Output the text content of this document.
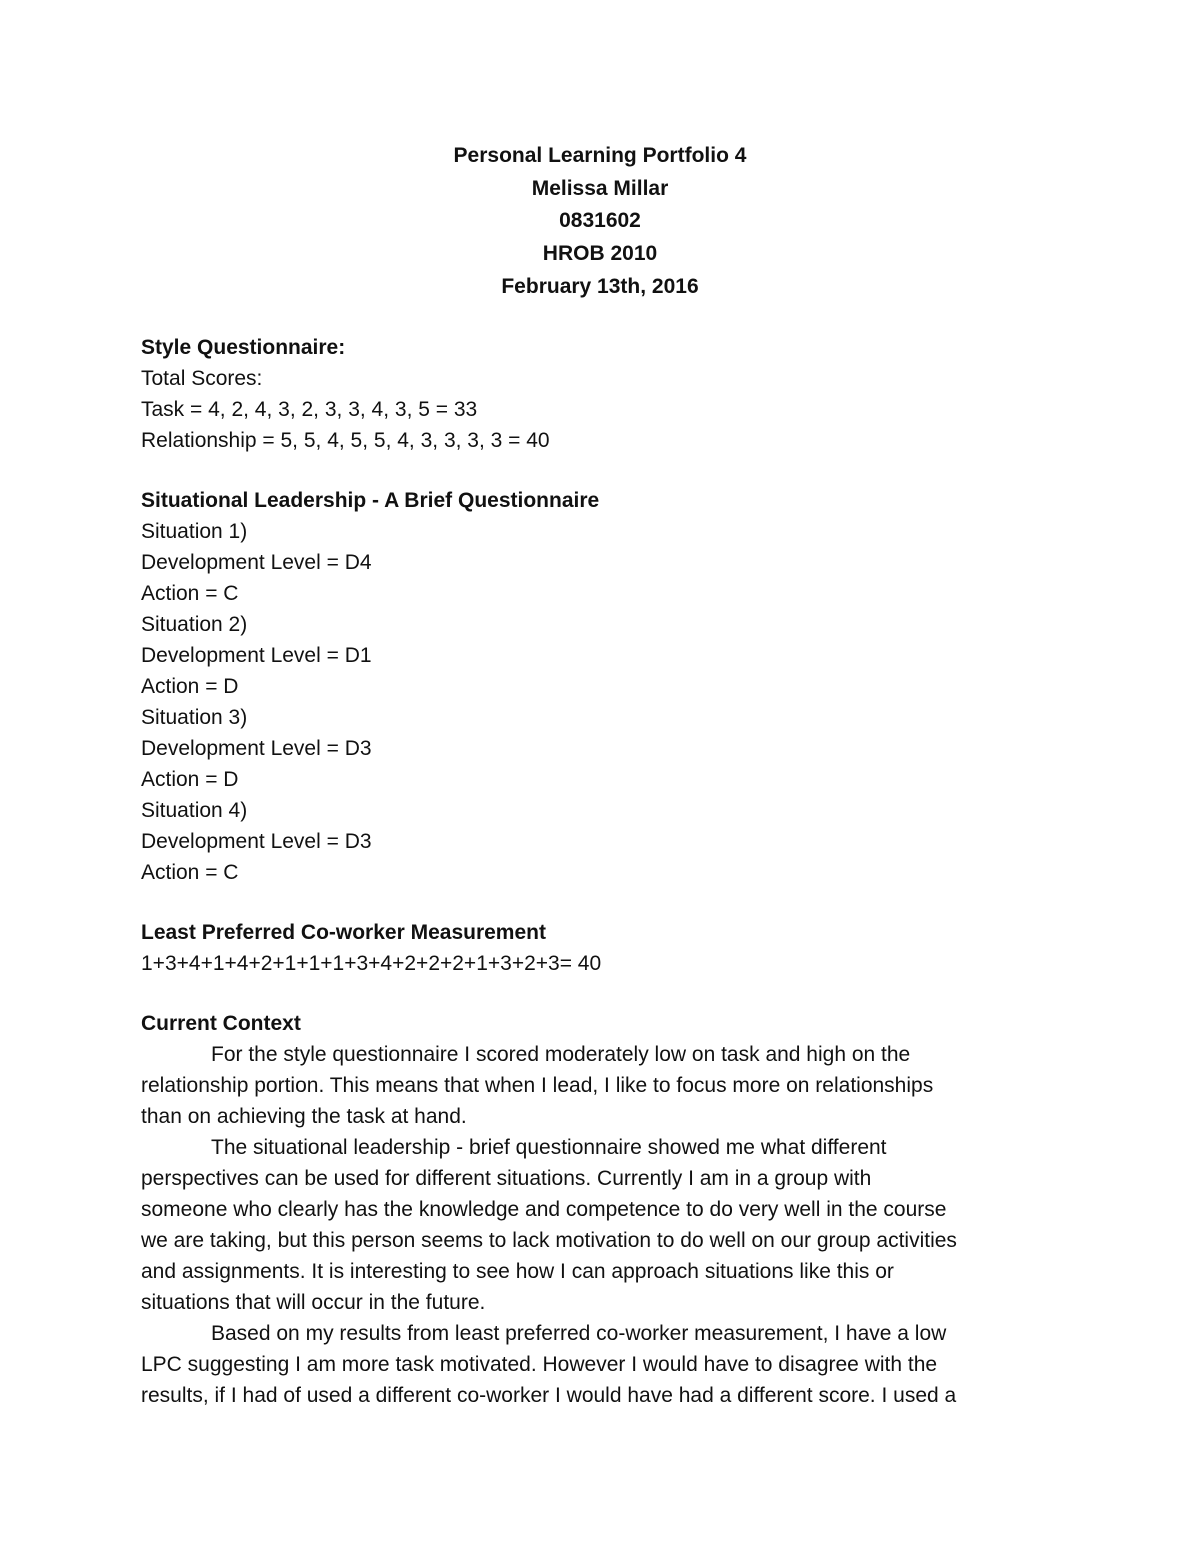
Personal Learning Portfolio 4
Melissa Millar
0831602
HROB 2010
February 13th, 2016
Style Questionnaire:
Total Scores:
Task = 4, 2, 4, 3, 2, 3, 3, 4, 3, 5 = 33
Relationship = 5, 5, 4, 5, 5, 4, 3, 3, 3, 3 = 40
Situational Leadership - A Brief Questionnaire
Situation 1)
Development Level = D4
Action = C
Situation 2)
Development Level = D1
Action = D
Situation 3)
Development Level = D3
Action = D
Situation 4)
Development Level = D3
Action = C
Least Preferred Co-worker Measurement
1+3+4+1+4+2+1+1+1+3+4+2+2+2+1+3+2+3= 40
Current Context
For the style questionnaire I scored moderately low on task and high on the
relationship portion. This means that when I lead, I like to focus more on relationships
than on achieving the task at hand.
The situational leadership - brief questionnaire showed me what different
perspectives can be used for different situations. Currently I am in a group with
someone who clearly has the knowledge and competence to do very well in the course
we are taking, but this person seems to lack motivation to do well on our group activities
and assignments. It is interesting to see how I can approach situations like this or
situations that will occur in the future.
Based on my results from least preferred co-worker measurement, I have a low
LPC suggesting I am more task motivated. However I would have to disagree with the
results, if I had of used a different co-worker I would have had a different score. I used a
